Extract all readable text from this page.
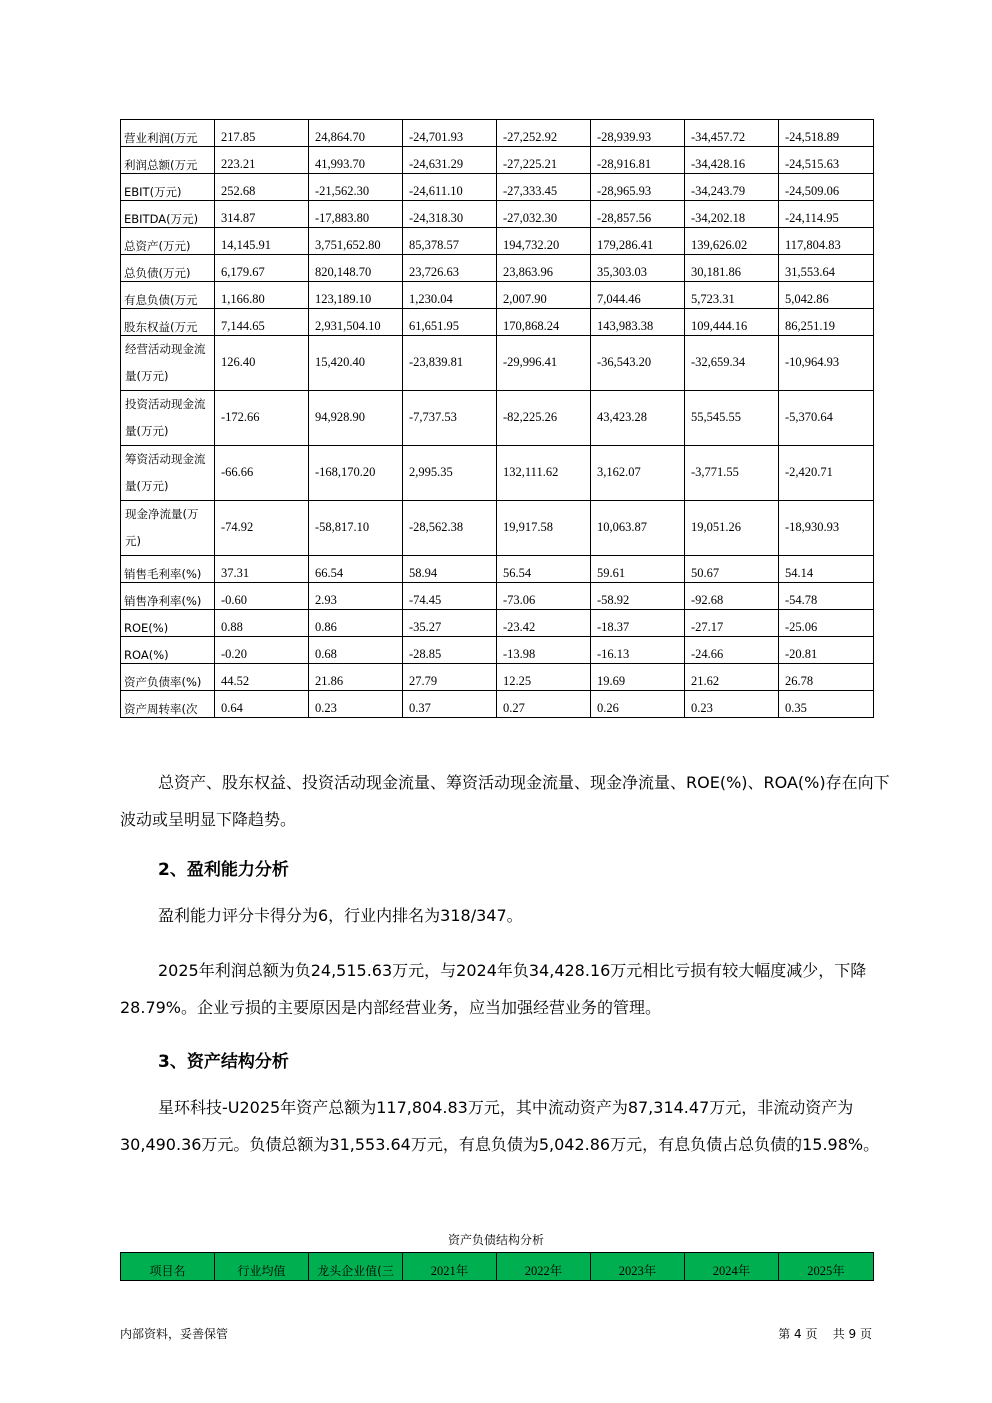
营业利润(万元	217.85	24,864.70	-24,701.93	-27,252.92	-28,939.93	-34,457.72	-24,518.89
利润总额(万元	223.21	41,993.70	-24,631.29	-27,225.21	-28,916.81	-34,428.16	-24,515.63
EBIT(万元)	252.68	-21,562.30	-24,611.10	-27,333.45	-28,965.93	-34,243.79	-24,509.06
EBITDA(万元)	314.87	-17,883.80	-24,318.30	-27,032.30	-28,857.56	-34,202.18	-24,114.95
总资产(万元)	14,145.91	3,751,652.80	85,378.57	194,732.20	179,286.41	139,626.02	117,804.83
总负债(万元)	6,179.67	820,148.70	23,726.63	23,863.96	35,303.03	30,181.86	31,553.64
有息负债(万元	1,166.80	123,189.10	1,230.04	2,007.90	7,044.46	5,723.31	5,042.86
股东权益(万元	7,144.65	2,931,504.10	61,651.95	170,868.24	143,983.38	109,444.16	86,251.19
经营活动现金流量(万元)	126.40	15,420.40	-23,839.81	-29,996.41	-36,543.20	-32,659.34	-10,964.93
投资活动现金流量(万元)	-172.66	94,928.90	-7,737.53	-82,225.26	43,423.28	55,545.55	-5,370.64
筹资活动现金流量(万元)	-66.66	-168,170.20	2,995.35	132,111.62	3,162.07	-3,771.55	-2,420.71
现金净流量(万元)	-74.92	-58,817.10	-28,562.38	19,917.58	10,063.87	19,051.26	-18,930.93
销售毛利率(%)	37.31	66.54	58.94	56.54	59.61	50.67	54.14
销售净利率(%)	-0.60	2.93	-74.45	-73.06	-58.92	-92.68	-54.78
ROE(%)	0.88	0.86	-35.27	-23.42	-18.37	-27.17	-25.06
ROA(%)	-0.20	0.68	-28.85	-13.98	-16.13	-24.66	-20.81
资产负债率(%)	44.52	21.86	27.79	12.25	19.69	21.62	26.78
资产周转率(次	0.64	0.23	0.37	0.27	0.26	0.23	0.35
总资产、股东权益、投资活动现金流量、筹资活动现金流量、现金净流量、ROE(%)、ROA(%)存在向下波动或呈明显下降趋势。
2、盈利能力分析
盈利能力评分卡得分为6，行业内排名为318/347。
2025年利润总额为负24,515.63万元，与2024年负34,428.16万元相比亏损有较大幅度减少，下降28.79%。企业亏损的主要原因是内部经营业务，应当加强经营业务的管理。
3、资产结构分析
星环科技-U2025年资产总额为117,804.83万元，其中流动资产为87,314.47万元，非流动资产为30,490.36万元。负债总额为31,553.64万元，有息负债为5,042.86万元，有息负债占总负债的15.98%。
资产负债结构分析
项目名	行业均值	龙头企业值(三	2021年	2022年	2023年	2024年	2025年
内部资料，妥善保管	第 4 页    共 9 页
